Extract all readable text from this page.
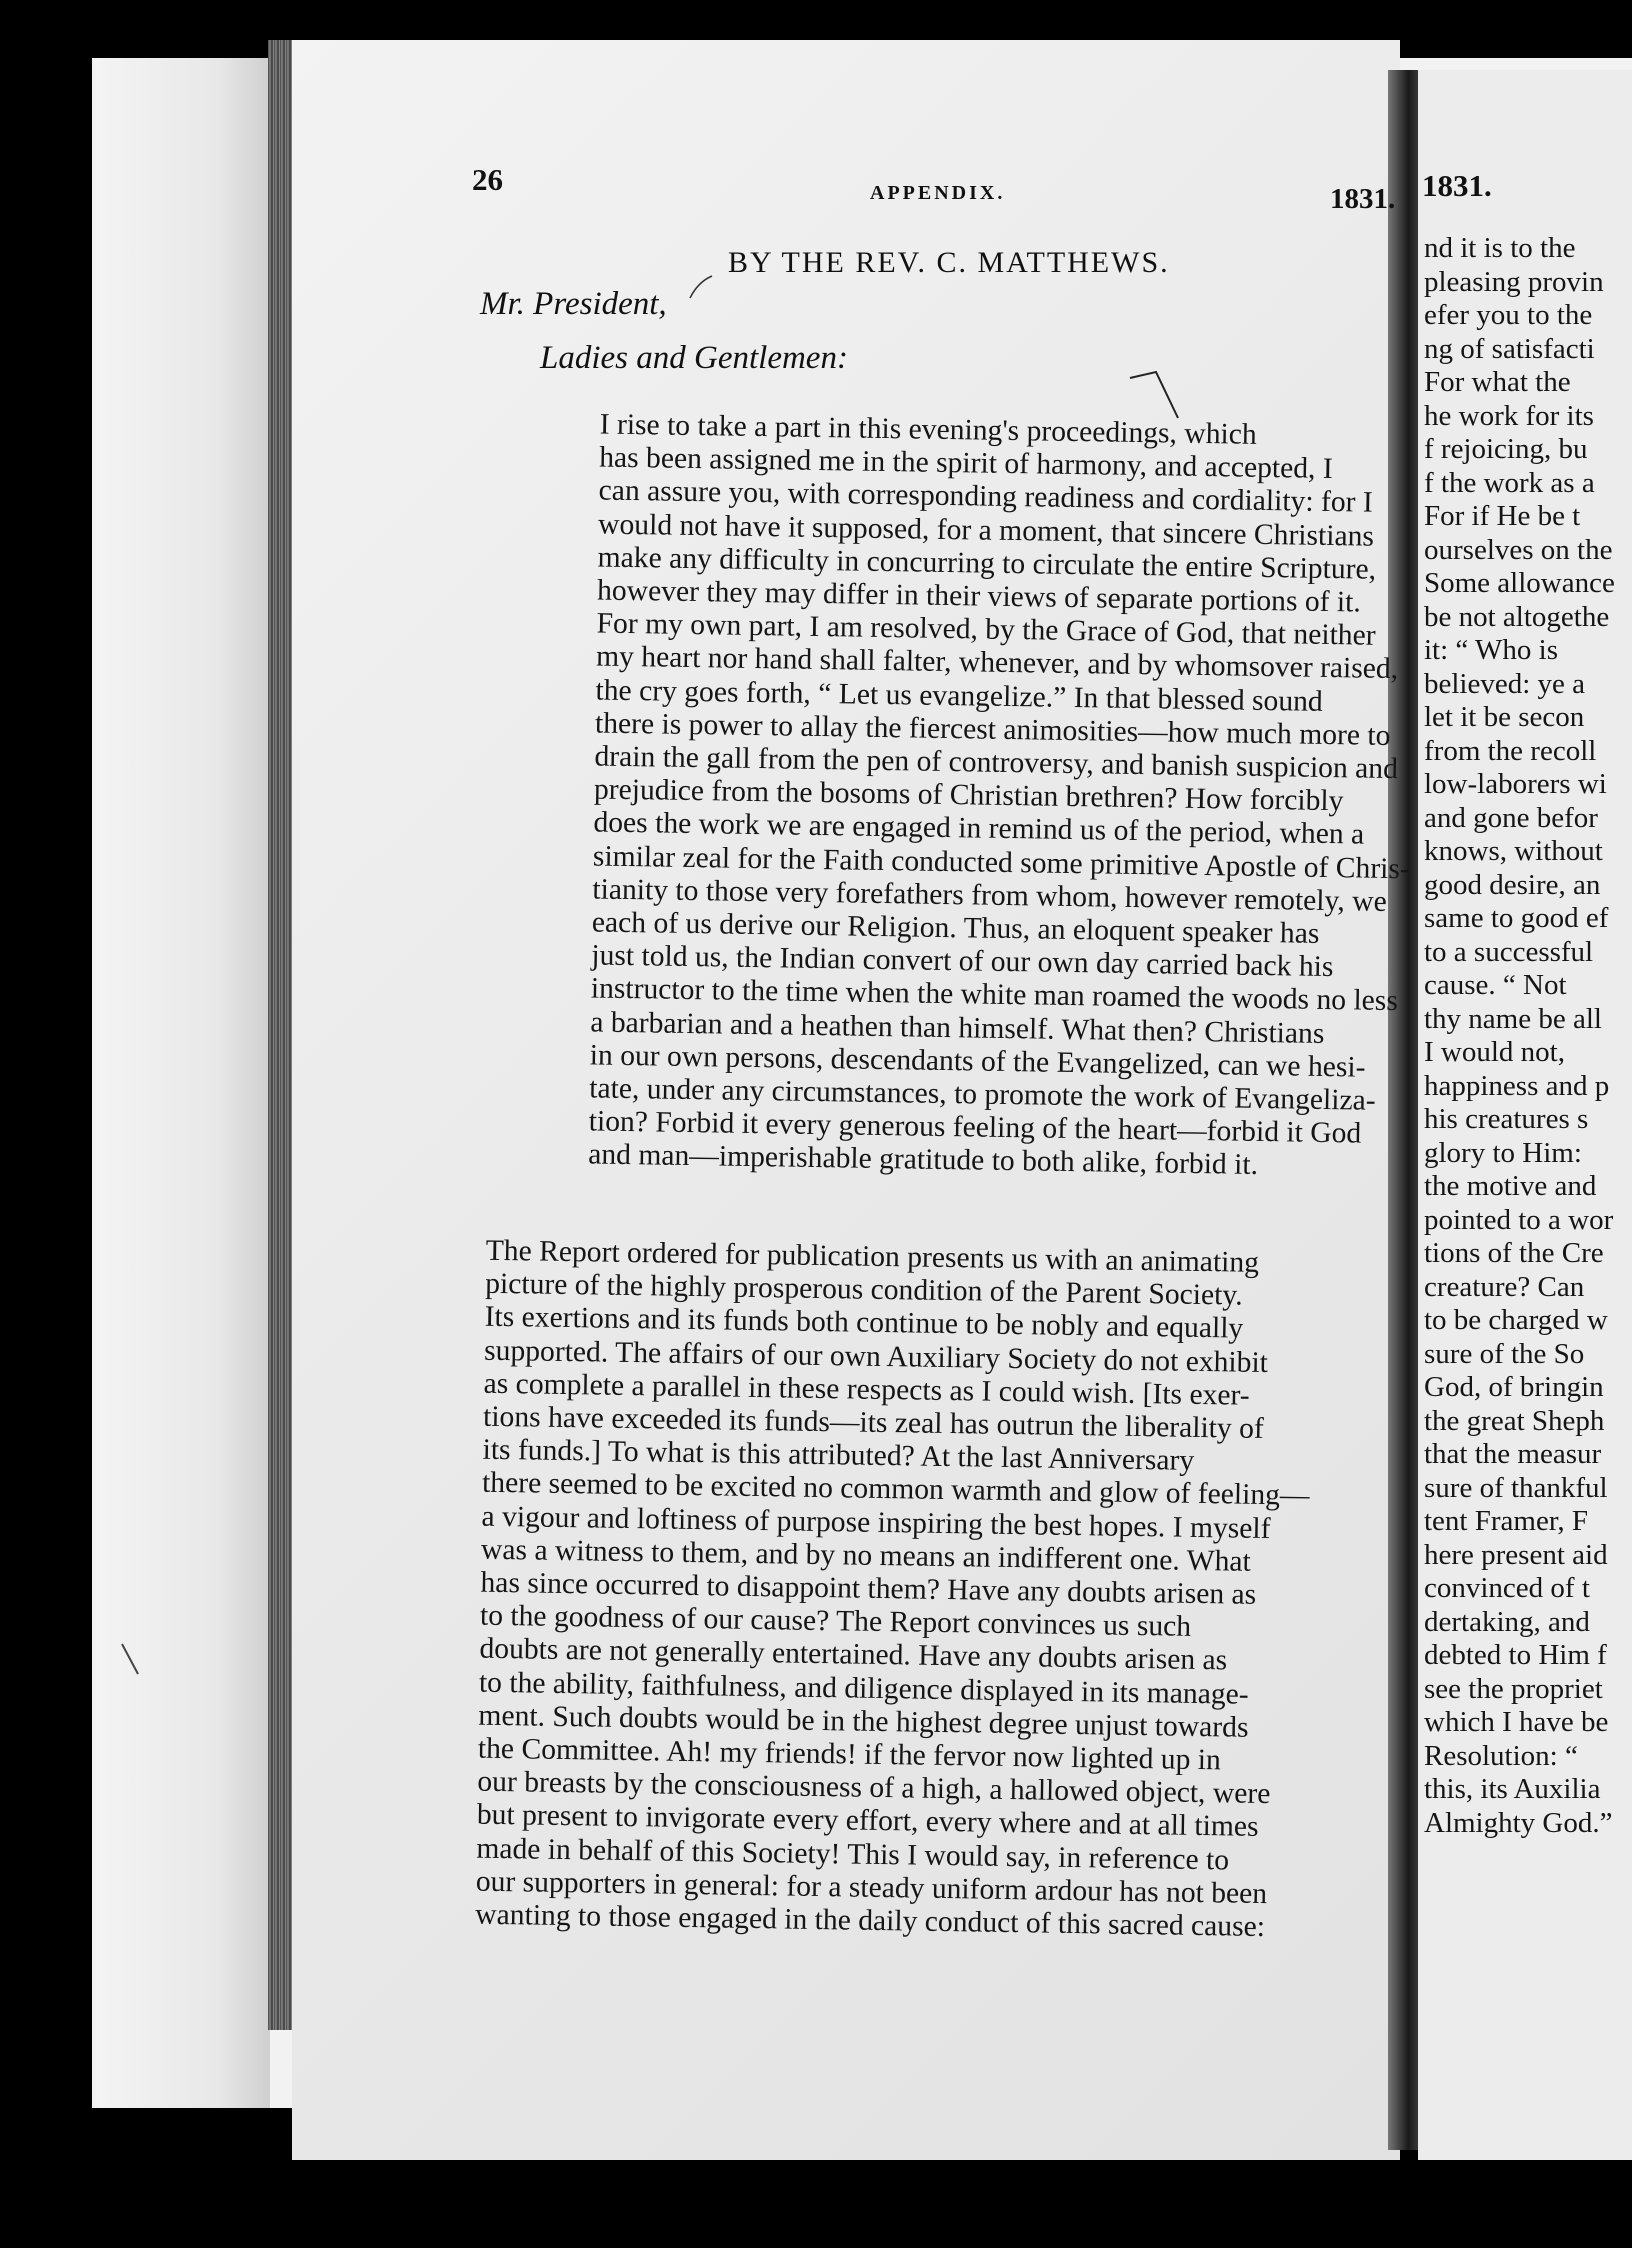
26	APPENDIX.	1831. 1831.
BY THE REV. C. MATTHEWS.
Mr. President,
Ladies and Gentlemen:
I rise to take a part in this evening's proceedings, which
has been assigned me in the spirit of harmony, and accepted, I
can assure you, with corresponding readiness and cordiality: for I
would not have it supposed, for a moment, that sincere Christians
make any difficulty in concurring to circulate the entire Scripture,
however they may differ in their views of separate portions of it.
For my own part, I am resolved, by the Grace of God, that neither
my heart nor hand shall falter, whenever, and by whomsover raised,
the cry goes forth, “ Let us evangelize.” In that blessed sound
there is power to allay the fiercest animosities—how much more to
drain the gall from the pen of controversy, and banish suspicion and
prejudice from the bosoms of Christian brethren? How forcibly
does the work we are engaged in remind us of the period, when a
similar zeal for the Faith conducted some primitive Apostle of Chris-
tianity to those very forefathers from whom, however remotely, we
each of us derive our Religion. Thus, an eloquent speaker has
just told us, the Indian convert of our own day carried back his
instructor to the time when the white man roamed the woods no less
a barbarian and a heathen than himself. What then? Christians
in our own persons, descendants of the Evangelized, can we hesi-
tate, under any circumstances, to promote the work of Evangeliza-
tion? Forbid it every generous feeling of the heart—forbid it God
and man—imperishable gratitude to both alike, forbid it.
The Report ordered for publication presents us with an animating
picture of the highly prosperous condition of the Parent Society.
Its exertions and its funds both continue to be nobly and equally
supported. The affairs of our own Auxiliary Society do not exhibit
as complete a parallel in these respects as I could wish. [Its exer-
tions have exceeded its funds—its zeal has outrun the liberality of
its funds.] To what is this attributed? At the last Anniversary
there seemed to be excited no common warmth and glow of feeling—
a vigour and loftiness of purpose inspiring the best hopes. I myself
was a witness to them, and by no means an indifferent one. What
has since occurred to disappoint them? Have any doubts arisen as
to the goodness of our cause? The Report convinces us such
doubts are not generally entertained. Have any doubts arisen as
to the ability, faithfulness, and diligence displayed in its manage-
ment. Such doubts would be in the highest degree unjust towards
the Committee. Ah! my friends! if the fervor now lighted up in
our breasts by the consciousness of a high, a hallowed object, were
but present to invigorate every effort, every where and at all times
made in behalf of this Society! This I would say, in reference to
our supporters in general: for a steady uniform ardour has not been
wanting to those engaged in the daily conduct of this sacred cause:
nd it is to the
pleasing provin
efer you to the
ng of satisfacti
For what the
he work for its
f rejoicing, bu
f the work as a
For if He be t
ourselves on the
Some allowance
be not altogethe
it: “ Who is
believed: ye a
let it be secon
from the recoll
low-laborers wi
and gone befor
knows, without
good desire, an
same to good ef
to a successful
cause. “ Not
thy name be all
I would not,
happiness and p
his creatures s
glory to Him:
the motive and
pointed to a wor
tions of the Cre
creature? Can
to be charged w
sure of the So
God, of bringin
the great Sheph
that the measur
sure of thankful
tent Framer, F
here present aid
convinced of t
dertaking, and
debted to Him f
see the propriet
which I have be
Resolution: “
this, its Auxilia
Almighty God.”
